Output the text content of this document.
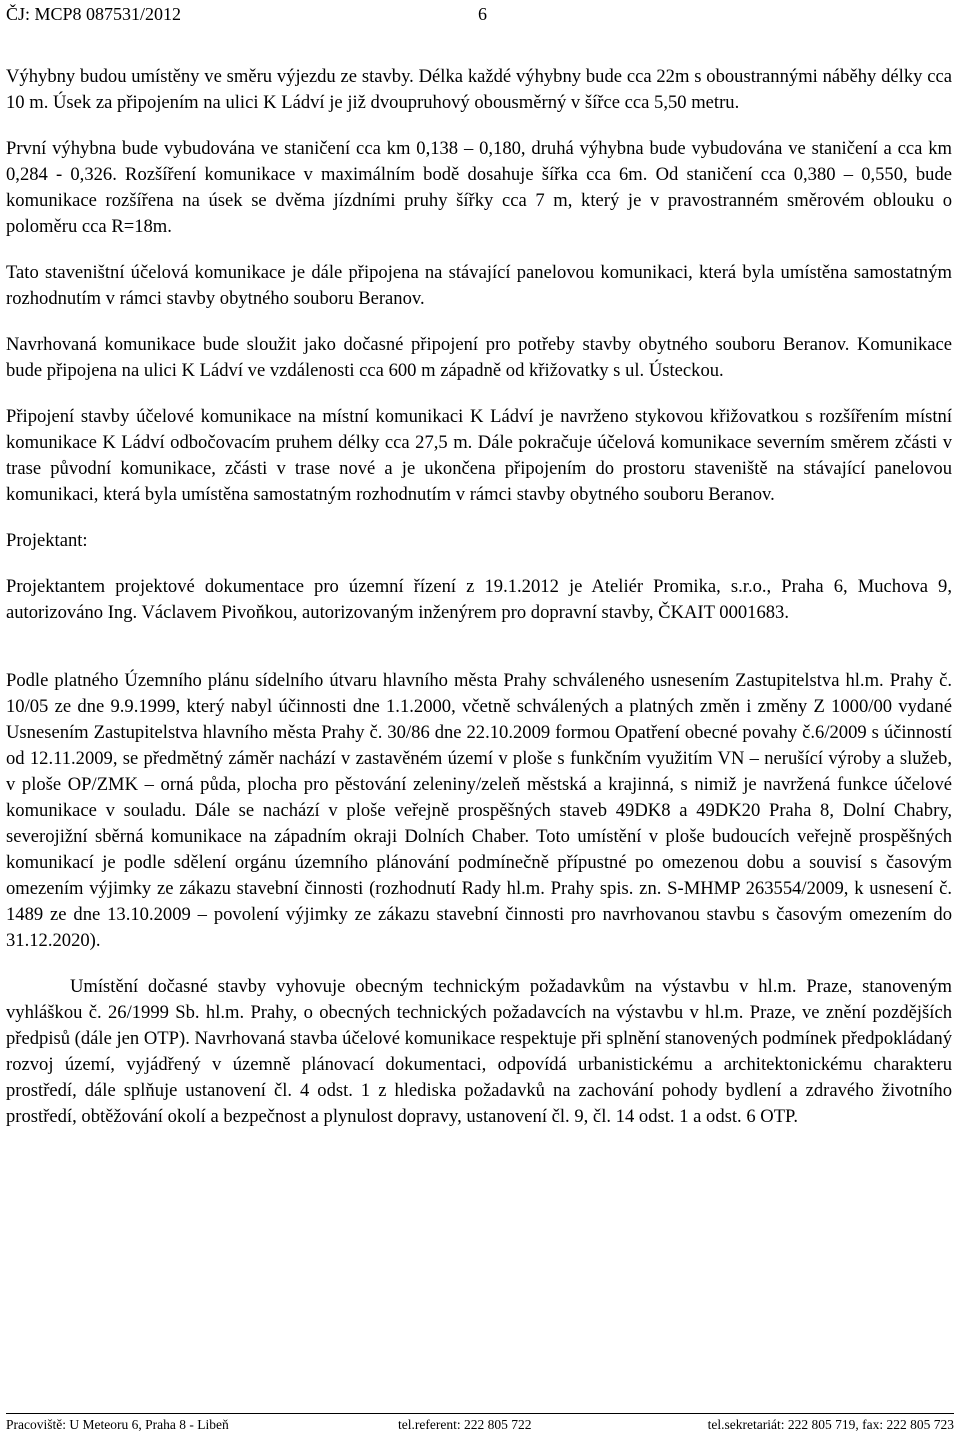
ČJ: MCP8 087531/2012	6

Výhybny budou umístěny ve směru výjezdu ze stavby. Délka každé výhybny bude cca 22m s oboustrannými náběhy délky cca 10 m. Úsek za připojením na ulici K Ládví je již dvoupruhový obousměrný v šířce cca 5,50 metru.

První výhybna bude vybudována ve staničení cca km 0,138 – 0,180, druhá výhybna bude vybudována ve staničení a cca km 0,284 - 0,326. Rozšíření komunikace v maximálním bodě dosahuje šířka cca 6m. Od staničení cca 0,380 – 0,550, bude komunikace rozšířena na úsek se dvěma jízdními pruhy šířky cca 7 m, který je v pravostranném směrovém oblouku o poloměru cca R=18m.

Tato staveništní účelová komunikace je dále připojena na stávající panelovou komunikaci, která byla umístěna samostatným rozhodnutím v rámci stavby obytného souboru Beranov.

Navrhovaná komunikace bude sloužit jako dočasné připojení pro potřeby stavby obytného souboru Beranov. Komunikace bude připojena na ulici K Ládví ve vzdálenosti cca 600 m západně od křižovatky s ul. Ústeckou.

Připojení stavby účelové komunikace na místní komunikaci K Ládví je navrženo stykovou křižovatkou s rozšířením místní komunikace K Ládví odbočovacím pruhem délky cca 27,5 m. Dále pokračuje účelová komunikace severním směrem zčásti v trase původní komunikace, zčásti v trase nové a je ukončena připojením do prostoru staveniště na stávající panelovou komunikaci, která byla umístěna samostatným rozhodnutím v rámci stavby obytného souboru Beranov.

Projektant:

Projektantem projektové dokumentace pro územní řízení z 19.1.2012 je Ateliér Promika, s.r.o., Praha 6, Muchova 9, autorizováno Ing. Václavem Pivoňkou, autorizovaným inženýrem pro dopravní stavby, ČKAIT 0001683.

Podle platného Územního plánu sídelního útvaru hlavního města Prahy schváleného usnesením Zastupitelstva hl.m. Prahy č. 10/05 ze dne 9.9.1999, který nabyl účinnosti dne 1.1.2000, včetně schválených a platných změn i změny Z 1000/00 vydané Usnesením Zastupitelstva hlavního města Prahy č. 30/86 dne 22.10.2009 formou Opatření obecné povahy č.6/2009 s účinností od 12.11.2009, se předmětný záměr nachází v zastavěném území v ploše s funkčním využitím VN – nerušící výroby a služeb, v ploše OP/ZMK – orná půda, plocha pro pěstování zeleniny/zeleň městská a krajinná, s nimiž je navržená funkce účelové komunikace v souladu. Dále se nachází v ploše veřejně prospěšných staveb 49DK8 a 49DK20 Praha 8, Dolní Chabry, severojižní sběrná komunikace na západním okraji Dolních Chaber. Toto umístění v ploše budoucích veřejně prospěšných komunikací je podle sdělení orgánu územního plánování podmínečně přípustné po omezenou dobu a souvisí s časovým omezením výjimky ze zákazu stavební činnosti (rozhodnutí Rady hl.m. Prahy spis. zn. S-MHMP 263554/2009, k usnesení č. 1489 ze dne 13.10.2009 – povolení výjimky ze zákazu stavební činnosti pro navrhovanou stavbu s časovým omezením do 31.12.2020).

Umístění dočasné stavby vyhovuje obecným technickým požadavkům na výstavbu v hl.m. Praze, stanoveným vyhláškou č. 26/1999 Sb. hl.m. Prahy, o obecných technických požadavcích na výstavbu v hl.m. Praze, ve znění pozdějších předpisů (dále jen OTP). Navrhovaná stavba účelové komunikace respektuje při splnění stanovených podmínek předpokládaný rozvoj území, vyjádřený v územně plánovací dokumentaci, odpovídá urbanistickému a architektonickému charakteru prostředí, dále splňuje ustanovení čl. 4 odst. 1 z hlediska požadavků na zachování pohody bydlení a zdravého životního prostředí, obtěžování okolí a bezpečnost a plynulost dopravy, ustanovení čl. 9, čl. 14 odst. 1 a odst. 6 OTP.

Pracoviště: U Meteoru 6, Praha 8 - Libeň	tel.referent: 222 805 722	tel.sekretariát: 222 805 719, fax: 222 805 723
